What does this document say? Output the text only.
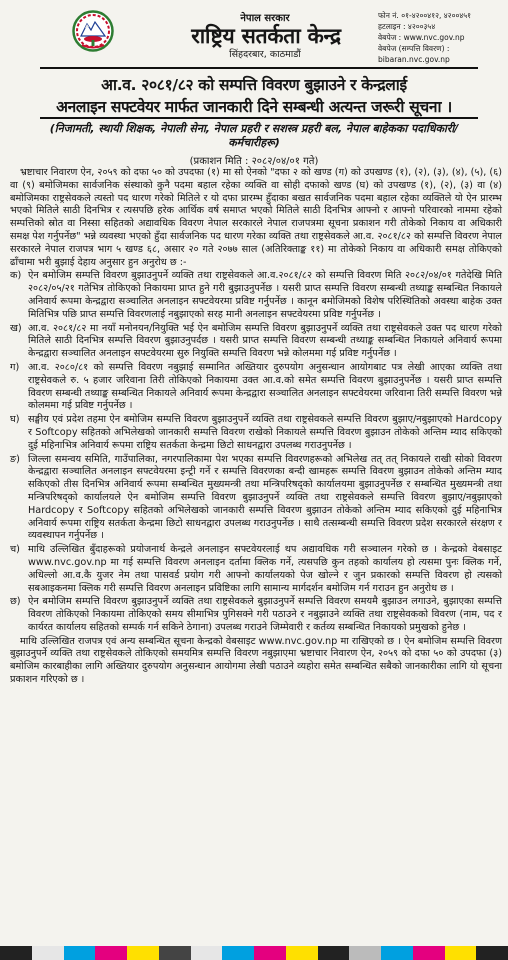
नेपाल सरकार
राष्ट्रिय सतर्कता केन्द्र
सिंहदरबार, काठमाडौं
फोन नं. ०१-४२००४१२, ४२००४५१
हटलाइन : ४२००३५४
वेबपेज : www.nvc.gov.np
वेबपेज (सम्पत्ति विवरण) :
bibaran.nvc.gov.np
आ.व. २०८१/८२ को सम्पत्ति विवरण बुझाउने र केन्द्रलाई
अनलाइन सफ्टवेयर मार्फत जानकारी दिने सम्बन्धी अत्यन्त जरूरी सूचना ।
(निजामती, स्थायी शिक्षक, नेपाली सेना, नेपाल प्रहरी र सशस्त्र प्रहरी बल, नेपाल बाहेकका पदाधिकारी/कर्मचारीहरू)
(प्रकाशन मिति : २०८२/०४/०१ गते)

भ्रष्टाचार निवारण ऐन, २०५९ को दफा ५० को उपदफा (१) मा सो ऐनको "दफा २ को खण्ड (ग) को उपखण्ड (१), (२), (३), (४), (५), (६) वा (९) बमोजिमका सार्वजनिक संस्थाको कुनै पदमा बहाल रहेका व्यक्ति वा सोही दफाको खण्ड (घ) को उपखण्ड (१), (२), (३) वा (४) बमोजिमका राष्ट्रसेवकले त्यस्तो पद धारण गरेको मितिले र यो दफा प्रारम्भ हुँदाका बखत सार्वजनिक पदमा बहाल रहेका व्यक्तिले यो ऐन प्रारम्भ भएको मितिले साठी दिनभित्र र त्यसपछि हरेक आर्थिक वर्ष समाप्त भएको मितिले साठी दिनभित्र आफ्नो र आफ्नो परिवारको नाममा रहेको सम्पत्तिको स्रोत वा निस्सा सहितको अद्यावधिक विवरण नेपाल सरकारले नेपाल राजपत्रमा सूचना प्रकाशन गरी तोकेको निकाय वा अधिकारी समक्ष पेश गर्नुपर्नेछ" भन्ने व्यवस्था भएको हुँदा सार्वजनिक पद धारण गरेका व्यक्ति तथा राष्ट्रसेवकले आ.व. २०८१/८२ को सम्पत्ति विवरण नेपाल सरकारले नेपाल राजपत्र भाग ५ खण्ड ६८, असार २० गते २०७७ साल (अतिरिक्ताङ्क ११) मा तोकेको निकाय वा अधिकारी समक्ष तोकिएको ढाँचामा भरी बुझाई देहाय अनुसार हुन अनुरोध छ :-

क) ऐन बमोजिम सम्पत्ति विवरण बुझाउनुपर्ने व्यक्ति तथा राष्ट्रसेवकले आ.व.२०८१/८२ को सम्पत्ति विवरण मिति २०८२/०४/०१ गतेदेखि मिति २०८२/०५/२१ गतेभित्र तोकिएको निकायमा प्राप्त हुने गरी बुझाउनुपर्नेछ । यसरी प्राप्त सम्पत्ति विवरण सम्बन्धी तथ्याङ्क सम्बन्धित निकायले अनिवार्य रूपमा केन्द्रद्वारा सञ्चालित अनलाइन सफ्टवेयरमा प्रविष्ट गर्नुपर्नेछ । कानून बमोजिमको विशेष परिस्थितिको अवस्था बाहेक उक्त मितिभित्र पछि प्राप्त सम्पत्ति विवरणलाई नबुझाएको सरह मानी अनलाइन सफ्टवेयरमा प्रविष्ट गर्नुपर्नेछ ।
ख) आ.व. २०८१/८२ मा नयाँ मनोनयन/नियुक्ति भई ऐन बमोजिम सम्पत्ति विवरण बुझाउनुपर्ने व्यक्ति तथा राष्ट्रसेवकले उक्त पद धारण गरेको मितिले साठी दिनभित्र सम्पत्ति विवरण बुझाउनुपर्दछ । यसरी प्राप्त सम्पत्ति विवरण सम्बन्धी तथ्याङ्क सम्बन्धित निकायले अनिवार्य रूपमा केन्द्रद्वारा सञ्चालित अनलाइन सफ्टवेयरमा सुरु नियुक्ति सम्पत्ति विवरण भन्ने कोलममा गई प्रविष्ट गर्नुपर्नेछ ।
ग) आ.व. २०८०/८१ को सम्पत्ति विवरण नबुझाई सम्मानित अख्तियार दुरुपयोग अनुसन्धान आयोगबाट पत्र लेखी आएका व्यक्ति तथा राष्ट्रसेवकले रु. ५ हजार जरिवाना तिरी तोकिएको निकायमा उक्त आ.व.को समेत सम्पत्ति विवरण बुझाउनुपर्नेछ । यसरी प्राप्त सम्पत्ति विवरण सम्बन्धी तथ्याङ्क सम्बन्धित निकायले अनिवार्य रूपमा केन्द्रद्वारा सञ्चालित अनलाइन सफ्टवेयरमा जरिवाना तिरी सम्पत्ति विवरण भन्ने कोलममा गई प्रविष्ट गर्नुपर्नेछ ।
घ) सङ्घीय एवं प्रदेश तहमा ऐन बमोजिम सम्पत्ति विवरण बुझाउनुपर्ने व्यक्ति तथा राष्ट्रसेवकले सम्पत्ति विवरण बुझाए/नबुझाएको Hardcopy र Softcopy सहितको अभिलेखको जानकारी सम्पत्ति विवरण राखेको निकायले सम्पत्ति विवरण बुझाउन तोकेको अन्तिम म्याद सकिएको दुई महिनाभित्र अनिवार्य रूपमा राष्ट्रिय सतर्कता केन्द्रमा छिटो साधनद्वारा उपलब्ध गराउनुपर्नेछ ।
ङ) जिल्ला समन्वय समिति, गाउँपालिका, नगरपालिकामा पेश भएका सम्पत्ति विवरणहरूको अभिलेख तत् तत् निकायले राखी सोको विवरण केन्द्रद्वारा सञ्चालित अनलाइन सफ्टवेयरमा इन्ट्री गर्ने र सम्पत्ति विवरणका बन्दी खामहरू सम्पत्ति विवरण बुझाउन तोकेको अन्तिम म्याद सकिएको तीस दिनभित्र अनिवार्य रूपमा सम्बन्धित मुख्यमन्त्री तथा मन्त्रिपरिषद्को कार्यालयमा बुझाउनुपर्नेछ र सम्बन्धित मुख्यमन्त्री तथा मन्त्रिपरिषद्को कार्यालयले ऐन बमोजिम सम्पत्ति विवरण बुझाउनुपर्ने व्यक्ति तथा राष्ट्रसेवकले सम्पत्ति विवरण बुझाए/नबुझाएको Hardcopy र Softcopy सहितको अभिलेखको जानकारी सम्पत्ति विवरण बुझाउन तोकेको अन्तिम म्याद सकिएको दुई महिनाभित्र अनिवार्य रूपमा राष्ट्रिय सतर्कता केन्द्रमा छिटो साधनद्वारा उपलब्ध गराउनुपर्नेछ । साथै तत्सम्बन्धी सम्पत्ति विवरण प्रदेश सरकारले संरक्षण र व्यवस्थापन गर्नुपर्नेछ ।
च) माथि उल्लिखित बुँदाहरूको प्रयोजनार्थ केन्द्रले अनलाइन सफ्टवेयरलाई थप अद्यावधिक गरी सञ्चालन गरेको छ । केन्द्रको वेबसाइट www.nvc.gov.np मा गई सम्पत्ति विवरण अनलाइन दर्तामा क्लिक गर्ने, त्यसपछि कुन तहको कार्यालय हो त्यसमा पुनः क्लिक गर्ने, अधिल्लो आ.व.कै युजर नेम तथा पासवर्ड प्रयोग गरी आफ्नो कार्यालयको पेज खोल्ने र जुन प्रकारको सम्पत्ति विवरण हो त्यसको सबआइकनमा क्लिक गरी सम्पत्ति विवरण अनलाइन प्रविष्टिका लागि सामान्य मार्गदर्शन बमोजिम गर्न गराउन हुन अनुरोध छ ।
छ) ऐन बमोजिम सम्पत्ति विवरण बुझाउनुपर्ने व्यक्ति तथा राष्ट्रसेवकले बुझाउनुपर्ने सम्पत्ति विवरण समयमै बुझाउन लगाउने, बुझाएका सम्पत्ति विवरण तोकिएको निकायमा तोकिएको समय सीमाभित्र पुगिसक्ने गरी पठाउने र नबुझाउने व्यक्ति तथा राष्ट्रसेवकको विवरण (नाम, पद र कार्यरत कार्यालय सहितको सम्पर्क गर्न सकिने ठेगाना) उपलब्ध गराउने जिम्मेवारी र कर्तव्य सम्बन्धित निकायको प्रमुखको हुनेछ ।

माथि उल्लिखित राजपत्र एवं अन्य सम्बन्धित सूचना केन्द्रको वेबसाइट www.nvc.gov.np मा राखिएको छ । ऐन बमोजिम सम्पत्ति विवरण बुझाउनुपर्ने व्यक्ति तथा राष्ट्रसेवकले तोकिएको समयमित्र सम्पत्ति विवरण नबुझाएमा भ्रष्टाचार निवारण ऐन, २०५९ को दफा ५० को उपदफा (३) बमोजिम कारबाहीका लागि अख्तियार दुरुपयोग अनुसन्धान आयोगमा लेखी पठाउने व्यहोरा समेत सम्बन्धित सबैको जानकारीका लागि यो सूचना प्रकाशन गरिएको छ ।
